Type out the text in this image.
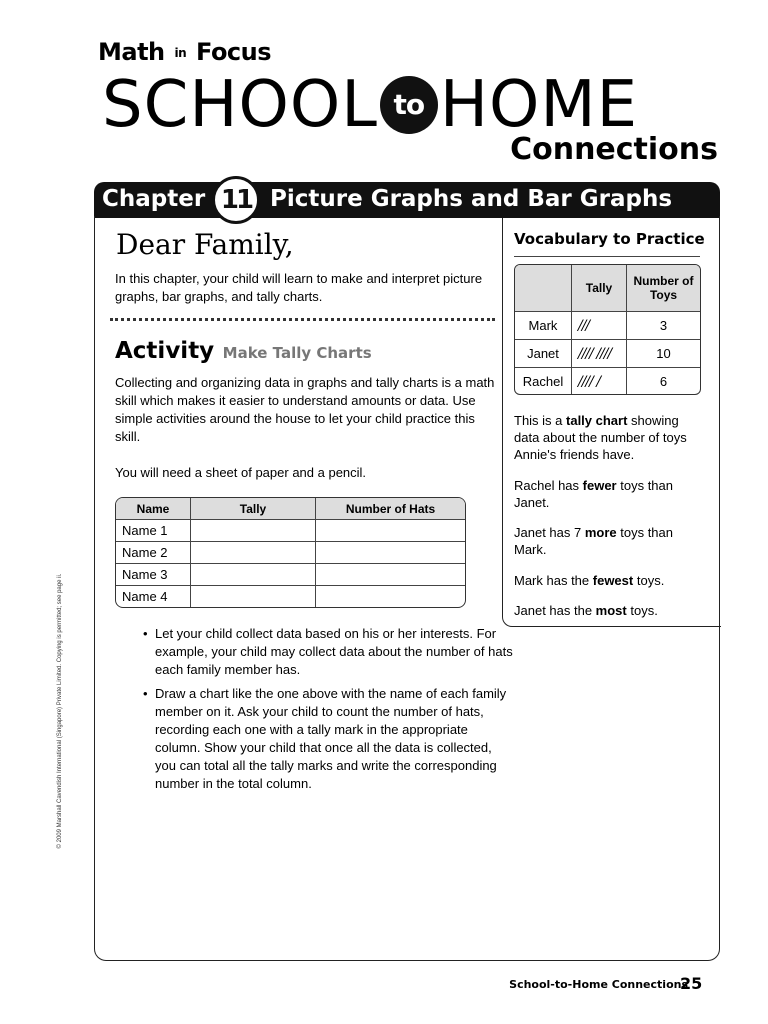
Math in Focus
SCHOOL to HOME
Connections
Chapter 11 Picture Graphs and Bar Graphs
Dear Family,
In this chapter, your child will learn to make and interpret picture graphs, bar graphs, and tally charts.
Activity Make Tally Charts
Collecting and organizing data in graphs and tally charts is a math skill which makes it easier to understand amounts or data. Use simple activities around the house to let your child practice this skill.
You will need a sheet of paper and a pencil.
Name	Tally	Number of Hats
Name 1		
Name 2		
Name 3		
Name 4		
• Let your child collect data based on his or her interests. For example, your child may collect data about the number of hats each family member has.
• Draw a chart like the one above with the name of each family member on it. Ask your child to count the number of hats, recording each one with a tally mark in the appropriate column. Show your child that once all the data is collected, you can total all the tally marks and write the corresponding number in the total column.
Vocabulary to Practice
	Tally	Number of Toys
Mark	///	3
Janet	//// ////	10
Rachel	//// /	6
This is a tally chart showing data about the number of toys Annie's friends have.
Rachel has fewer toys than Janet.
Janet has 7 more toys than Mark.
Mark has the fewest toys.
Janet has the most toys.
© 2009 Marshall Cavendish International (Singapore) Private Limited. Copying is permitted; see page ii.
School-to-Home Connections
25
